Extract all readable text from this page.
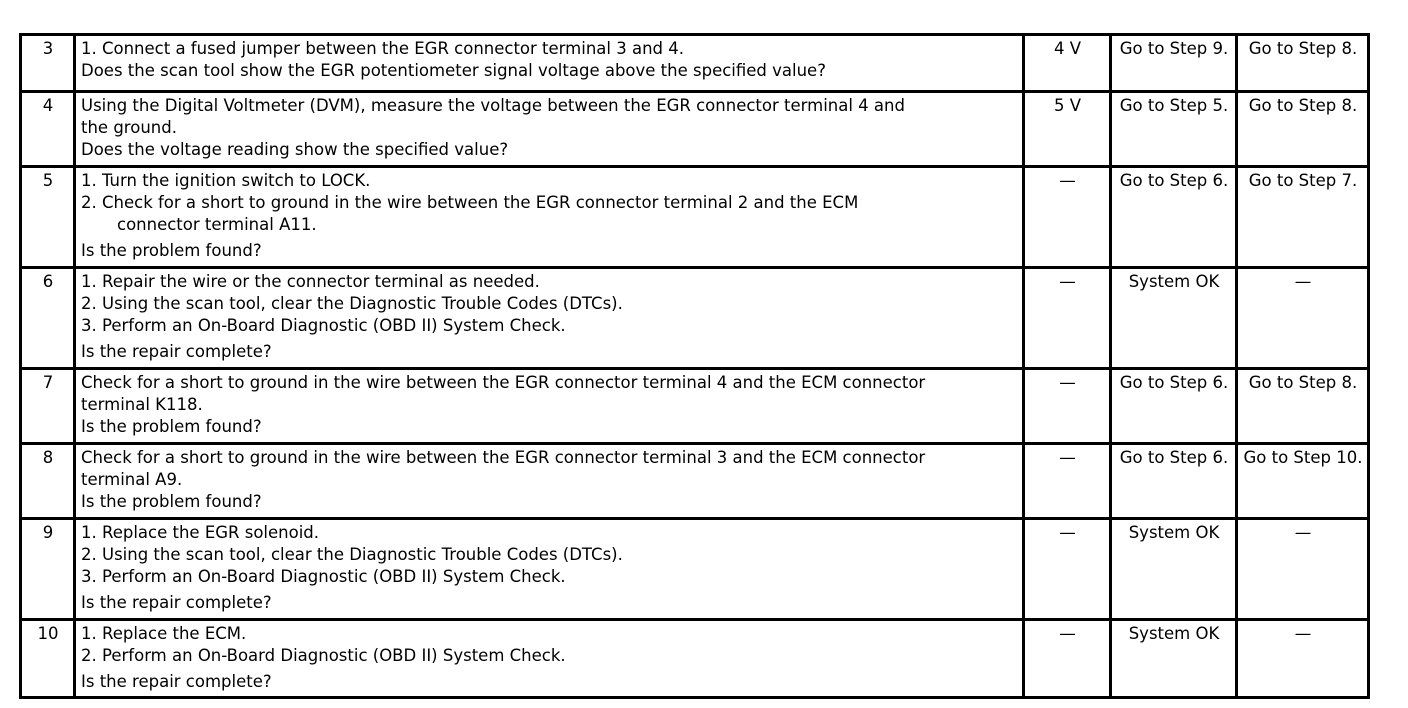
3	1. Connect a fused jumper between the EGR connector terminal 3 and 4.
Does the scan tool show the EGR potentiometer signal voltage above the specified value?	4 V	Go to Step 9.	Go to Step 8.
4	Using the Digital Voltmeter (DVM), measure the voltage between the EGR connector terminal 4 and
the ground.
Does the voltage reading show the specified value?	5 V	Go to Step 5.	Go to Step 8.
5	1. Turn the ignition switch to LOCK.
2. Check for a short to ground in the wire between the EGR connector terminal 2 and the ECM
connector terminal A11.
Is the problem found?	—	Go to Step 6.	Go to Step 7.
6	1. Repair the wire or the connector terminal as needed.
2. Using the scan tool, clear the Diagnostic Trouble Codes (DTCs).
3. Perform an On-Board Diagnostic (OBD II) System Check.
Is the repair complete?	—	System OK	—
7	Check for a short to ground in the wire between the EGR connector terminal 4 and the ECM connector
terminal K118.
Is the problem found?	—	Go to Step 6.	Go to Step 8.
8	Check for a short to ground in the wire between the EGR connector terminal 3 and the ECM connector
terminal A9.
Is the problem found?	—	Go to Step 6.	Go to Step 10.
9	1. Replace the EGR solenoid.
2. Using the scan tool, clear the Diagnostic Trouble Codes (DTCs).
3. Perform an On-Board Diagnostic (OBD II) System Check.
Is the repair complete?	—	System OK	—
10	1. Replace the ECM.
2. Perform an On-Board Diagnostic (OBD II) System Check.
Is the repair complete?	—	System OK	—
